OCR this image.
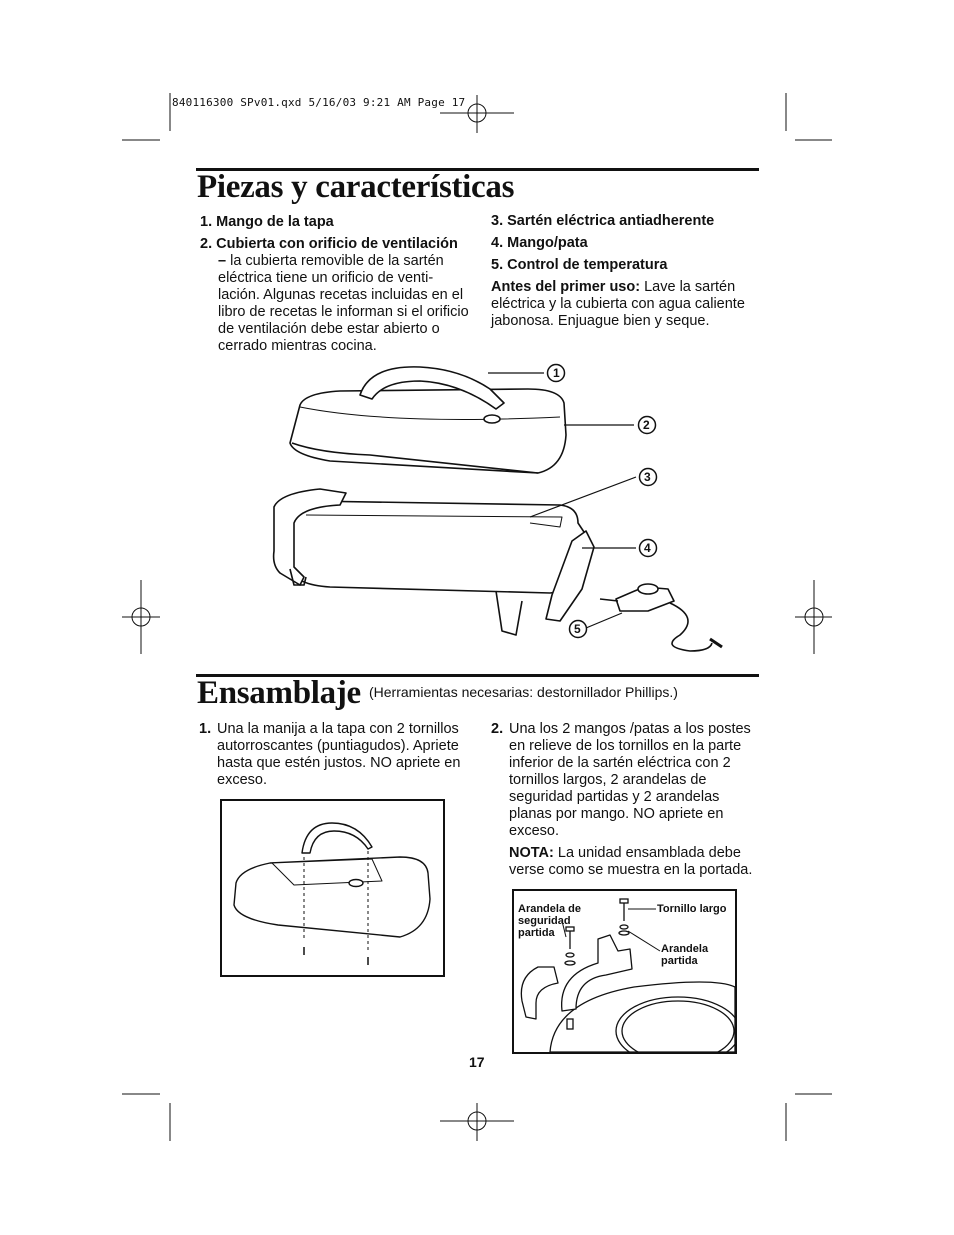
840116300 SPv01.qxd 5/16/03 9:21 AM Page 17
Piezas y características

1. Mango de la tapa

2. Cubierta con orificio de ventilación

– la cubierta removible de la sartén eléctrica tiene un orificio de venti-lación. Algunas recetas incluidas en el libro de recetas le informan si el orificio de ventilación debe estar abierto o cerrado mientras cocina.

3. Sartén eléctrica antiadherente

4. Mango/pata

5. Control de temperatura

Antes del primer uso: Lave la sartén eléctrica y la cubierta con agua caliente jabonosa. Enjuague bien y seque.

1
2
3
4
5
Ensamblaje (Herramientas necesarias: destornillador Phillips.)
1. Una la manija a la tapa con 2 tornillos autorroscantes (puntiagudos). Apriete hasta que estén justos. NO apriete en exceso.
2. Una los 2 mangos /patas a los postes en relieve de los tornillos en la parte inferior de la sartén eléctrica con 2 tornillos largos, 2 arandelas de seguridad partidas y 2 arandelas planas por mango. NO apriete en exceso.

NOTA: La unidad ensamblada debe verse como se muestra en la portada.

Arandela de seguridad partida
Tornillo largo
Arandela partida
17
